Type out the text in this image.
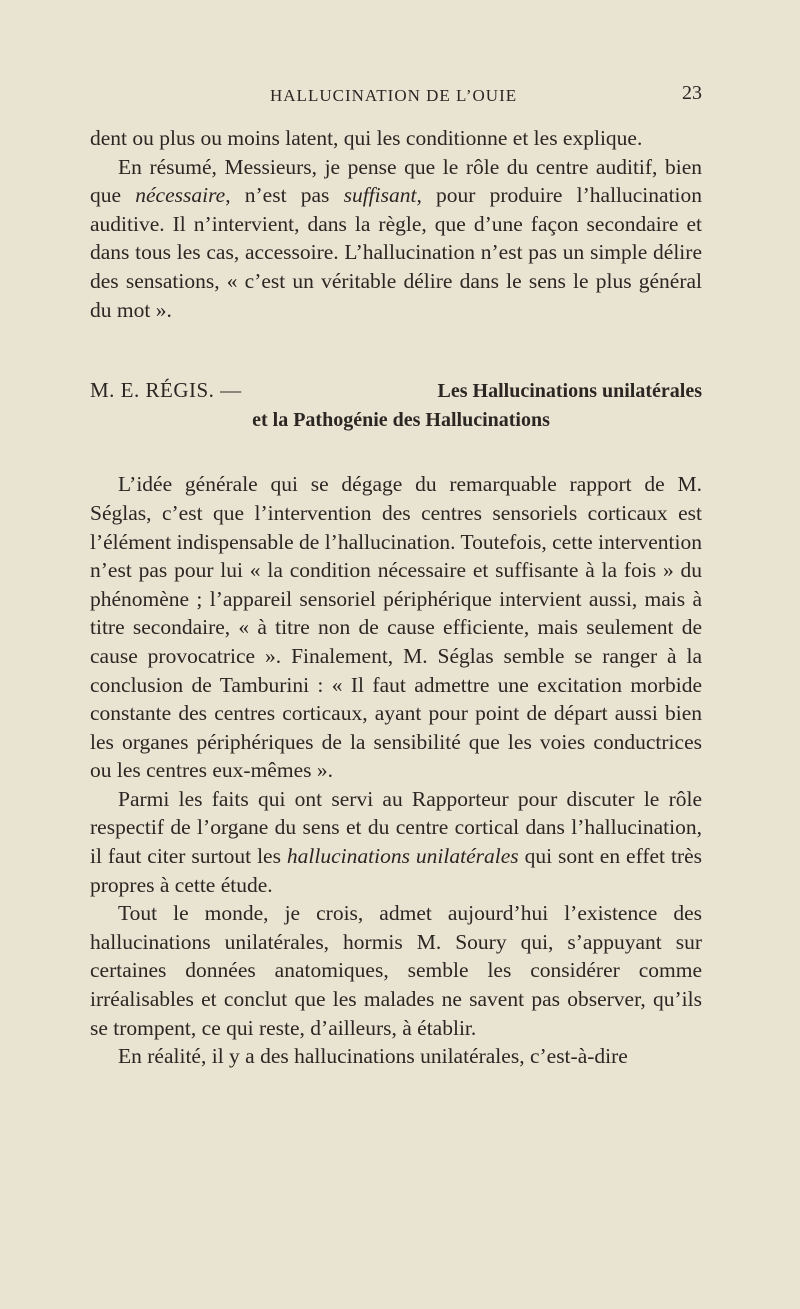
HALLUCINATION DE L’OUIE	23

dent ou plus ou moins latent, qui les conditionne et les explique.

En résumé, Messieurs, je pense que le rôle du centre auditif, bien que nécessaire, n’est pas suffisant, pour produire l’hallucination auditive. Il n’intervient, dans la règle, que d’une façon secondaire et dans tous les cas, accessoire. L’hallucination n’est pas un simple délire des sensations, « c’est un véritable délire dans le sens le plus général du mot ».

M. E. RÉGIS. —	Les Hallucinations unilatérales
et la Pathogénie des Hallucinations

L’idée générale qui se dégage du remarquable rapport de M. Séglas, c’est que l’intervention des centres sensoriels corticaux est l’élément indispensable de l’hallucination. Toutefois, cette intervention n’est pas pour lui « la condition nécessaire et suffisante à la fois » du phénomène ; l’appareil sensoriel périphérique intervient aussi, mais à titre secondaire, « à titre non de cause efficiente, mais seulement de cause provocatrice ». Finalement, M. Séglas semble se ranger à la conclusion de Tamburini : « Il faut admettre une excitation morbide constante des centres corticaux, ayant pour point de départ aussi bien les organes périphériques de la sensibilité que les voies conductrices ou les centres eux-mêmes ».

Parmi les faits qui ont servi au Rapporteur pour discuter le rôle respectif de l’organe du sens et du centre cortical dans l’hallucination, il faut citer surtout les hallucinations unilatérales qui sont en effet très propres à cette étude.

Tout le monde, je crois, admet aujourd’hui l’existence des hallucinations unilatérales, hormis M. Soury qui, s’appuyant sur certaines données anatomiques, semble les considérer comme irréalisables et conclut que les malades ne savent pas observer, qu’ils se trompent, ce qui reste, d’ailleurs, à établir.

En réalité, il y a des hallucinations unilatérales, c’est-à-dire
